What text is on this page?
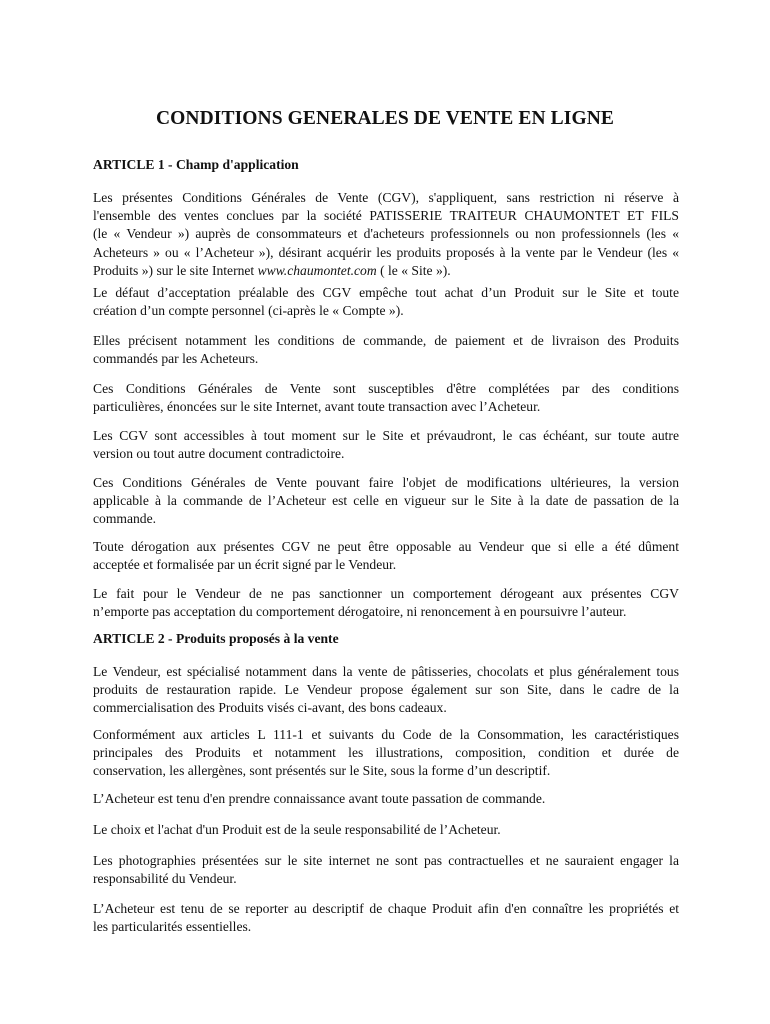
CONDITIONS GENERALES DE VENTE EN LIGNE
ARTICLE 1 - Champ d'application
Les présentes Conditions Générales de Vente (CGV), s'appliquent, sans restriction ni réserve à
l'ensemble des ventes conclues par la société PATISSERIE TRAITEUR CHAUMONTET ET FILS
(le « Vendeur ») auprès de consommateurs et d'acheteurs professionnels ou non professionnels (les «
Acheteurs » ou « l’Acheteur »), désirant acquérir les produits proposés à la vente par le Vendeur (les «
Produits ») sur le site Internet www.chaumontet.com ( le « Site »).
Le défaut d’acceptation préalable des CGV empêche tout achat d’un Produit sur le Site et toute
création d’un compte personnel (ci-après le « Compte »).
Elles précisent notamment les conditions de commande, de paiement et de livraison des Produits
commandés par les Acheteurs.
Ces Conditions Générales de Vente sont susceptibles d'être complétées par des conditions
particulières, énoncées sur le site Internet, avant toute transaction avec l’Acheteur.
Les CGV sont accessibles à tout moment sur le Site et prévaudront, le cas échéant, sur toute autre
version ou tout autre document contradictoire.
Ces Conditions Générales de Vente pouvant faire l'objet de modifications ultérieures, la version
applicable à la commande de l’Acheteur est celle en vigueur sur le Site à la date de passation de la
commande.
Toute dérogation aux présentes CGV ne peut être opposable au Vendeur que si elle a été dûment
acceptée et formalisée par un écrit signé par le Vendeur.
Le fait pour le Vendeur de ne pas sanctionner un comportement dérogeant aux présentes CGV
n’emporte pas acceptation du comportement dérogatoire, ni renoncement à en poursuivre l’auteur.
ARTICLE 2 - Produits proposés à la vente
Le Vendeur, est spécialisé notamment dans la vente de pâtisseries, chocolats et plus généralement tous
produits de restauration rapide. Le Vendeur propose également sur son Site, dans le cadre de la
commercialisation des Produits visés ci-avant, des bons cadeaux.
Conformément aux articles L 111-1 et suivants du Code de la Consommation, les caractéristiques
principales des Produits et notamment les illustrations, composition, condition et durée de
conservation, les allergènes, sont présentés sur le Site, sous la forme d’un descriptif.
L’Acheteur est tenu d'en prendre connaissance avant toute passation de commande.
Le choix et l'achat d'un Produit est de la seule responsabilité de l’Acheteur.
Les photographies présentées sur le site internet ne sont pas contractuelles et ne sauraient engager la
responsabilité du Vendeur.
L’Acheteur est tenu de se reporter au descriptif de chaque Produit afin d'en connaître les propriétés et
les particularités essentielles.
